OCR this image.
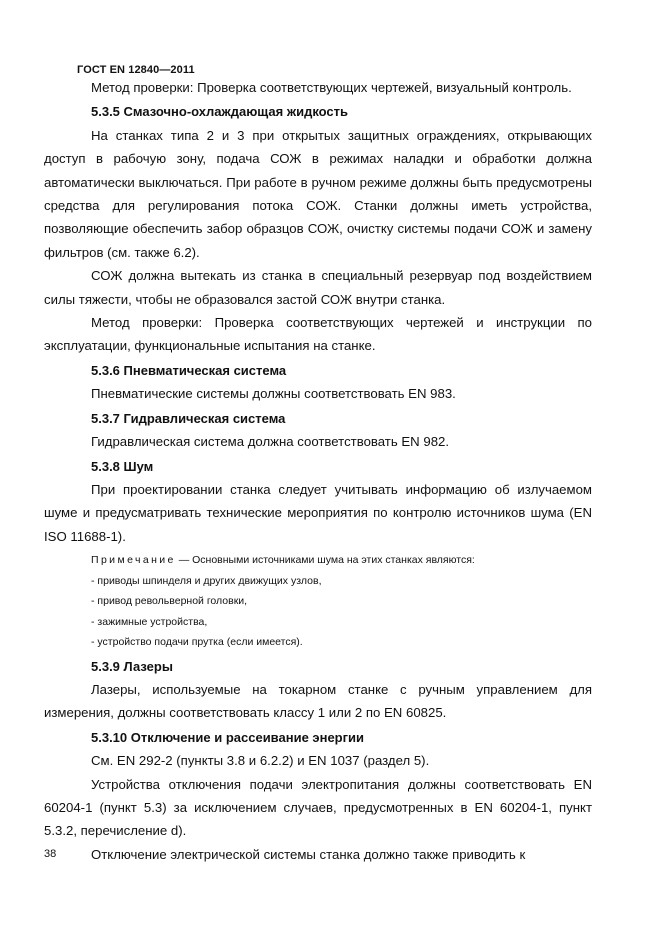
ГОСТ EN 12840—2011

Метод проверки: Проверка соответствующих чертежей, визуальный контроль.

5.3.5 Смазочно-охлаждающая жидкость

На станках типа 2 и 3 при открытых защитных ограждениях, открывающих доступ в рабочую зону, подача СОЖ в режимах наладки и обработки должна автоматически выключаться. При работе в ручном режиме должны быть предусмотрены средства для регулирования потока СОЖ. Станки должны иметь устройства, позволяющие обеспечить забор образцов СОЖ, очистку системы подачи СОЖ и замену фильтров (см. также 6.2).

СОЖ должна вытекать из станка в специальный резервуар под воздействием силы тяжести, чтобы не образовался застой СОЖ внутри станка.

Метод проверки: Проверка соответствующих чертежей и инструкции по эксплуатации, функциональные испытания на станке.

5.3.6 Пневматическая система

Пневматические системы должны соответствовать EN 983.

5.3.7 Гидравлическая система

Гидравлическая система должна соответствовать EN 982.

5.3.8 Шум

При проектировании станка следует учитывать информацию об излучаемом шуме и предусматривать технические мероприятия по контролю источников шума (EN ISO 11688-1).

Примечание — Основными источниками шума на этих станках являются:

- приводы шпинделя и других движущих узлов,

- привод револьверной головки,

- зажимные устройства,

- устройство подачи прутка (если имеется).

5.3.9 Лазеры

Лазеры, используемые на токарном станке с ручным управлением для измерения, должны соответствовать классу 1 или 2 по EN 60825.

5.3.10 Отключение и рассеивание энергии

См. EN 292-2 (пункты 3.8 и 6.2.2) и EN 1037 (раздел 5).

Устройства отключения подачи электропитания должны соответствовать EN 60204-1 (пункт 5.3) за исключением случаев, предусмотренных в EN 60204-1, пункт 5.3.2, перечисление d).

Отключение электрической системы станка должно также приводить к

38
